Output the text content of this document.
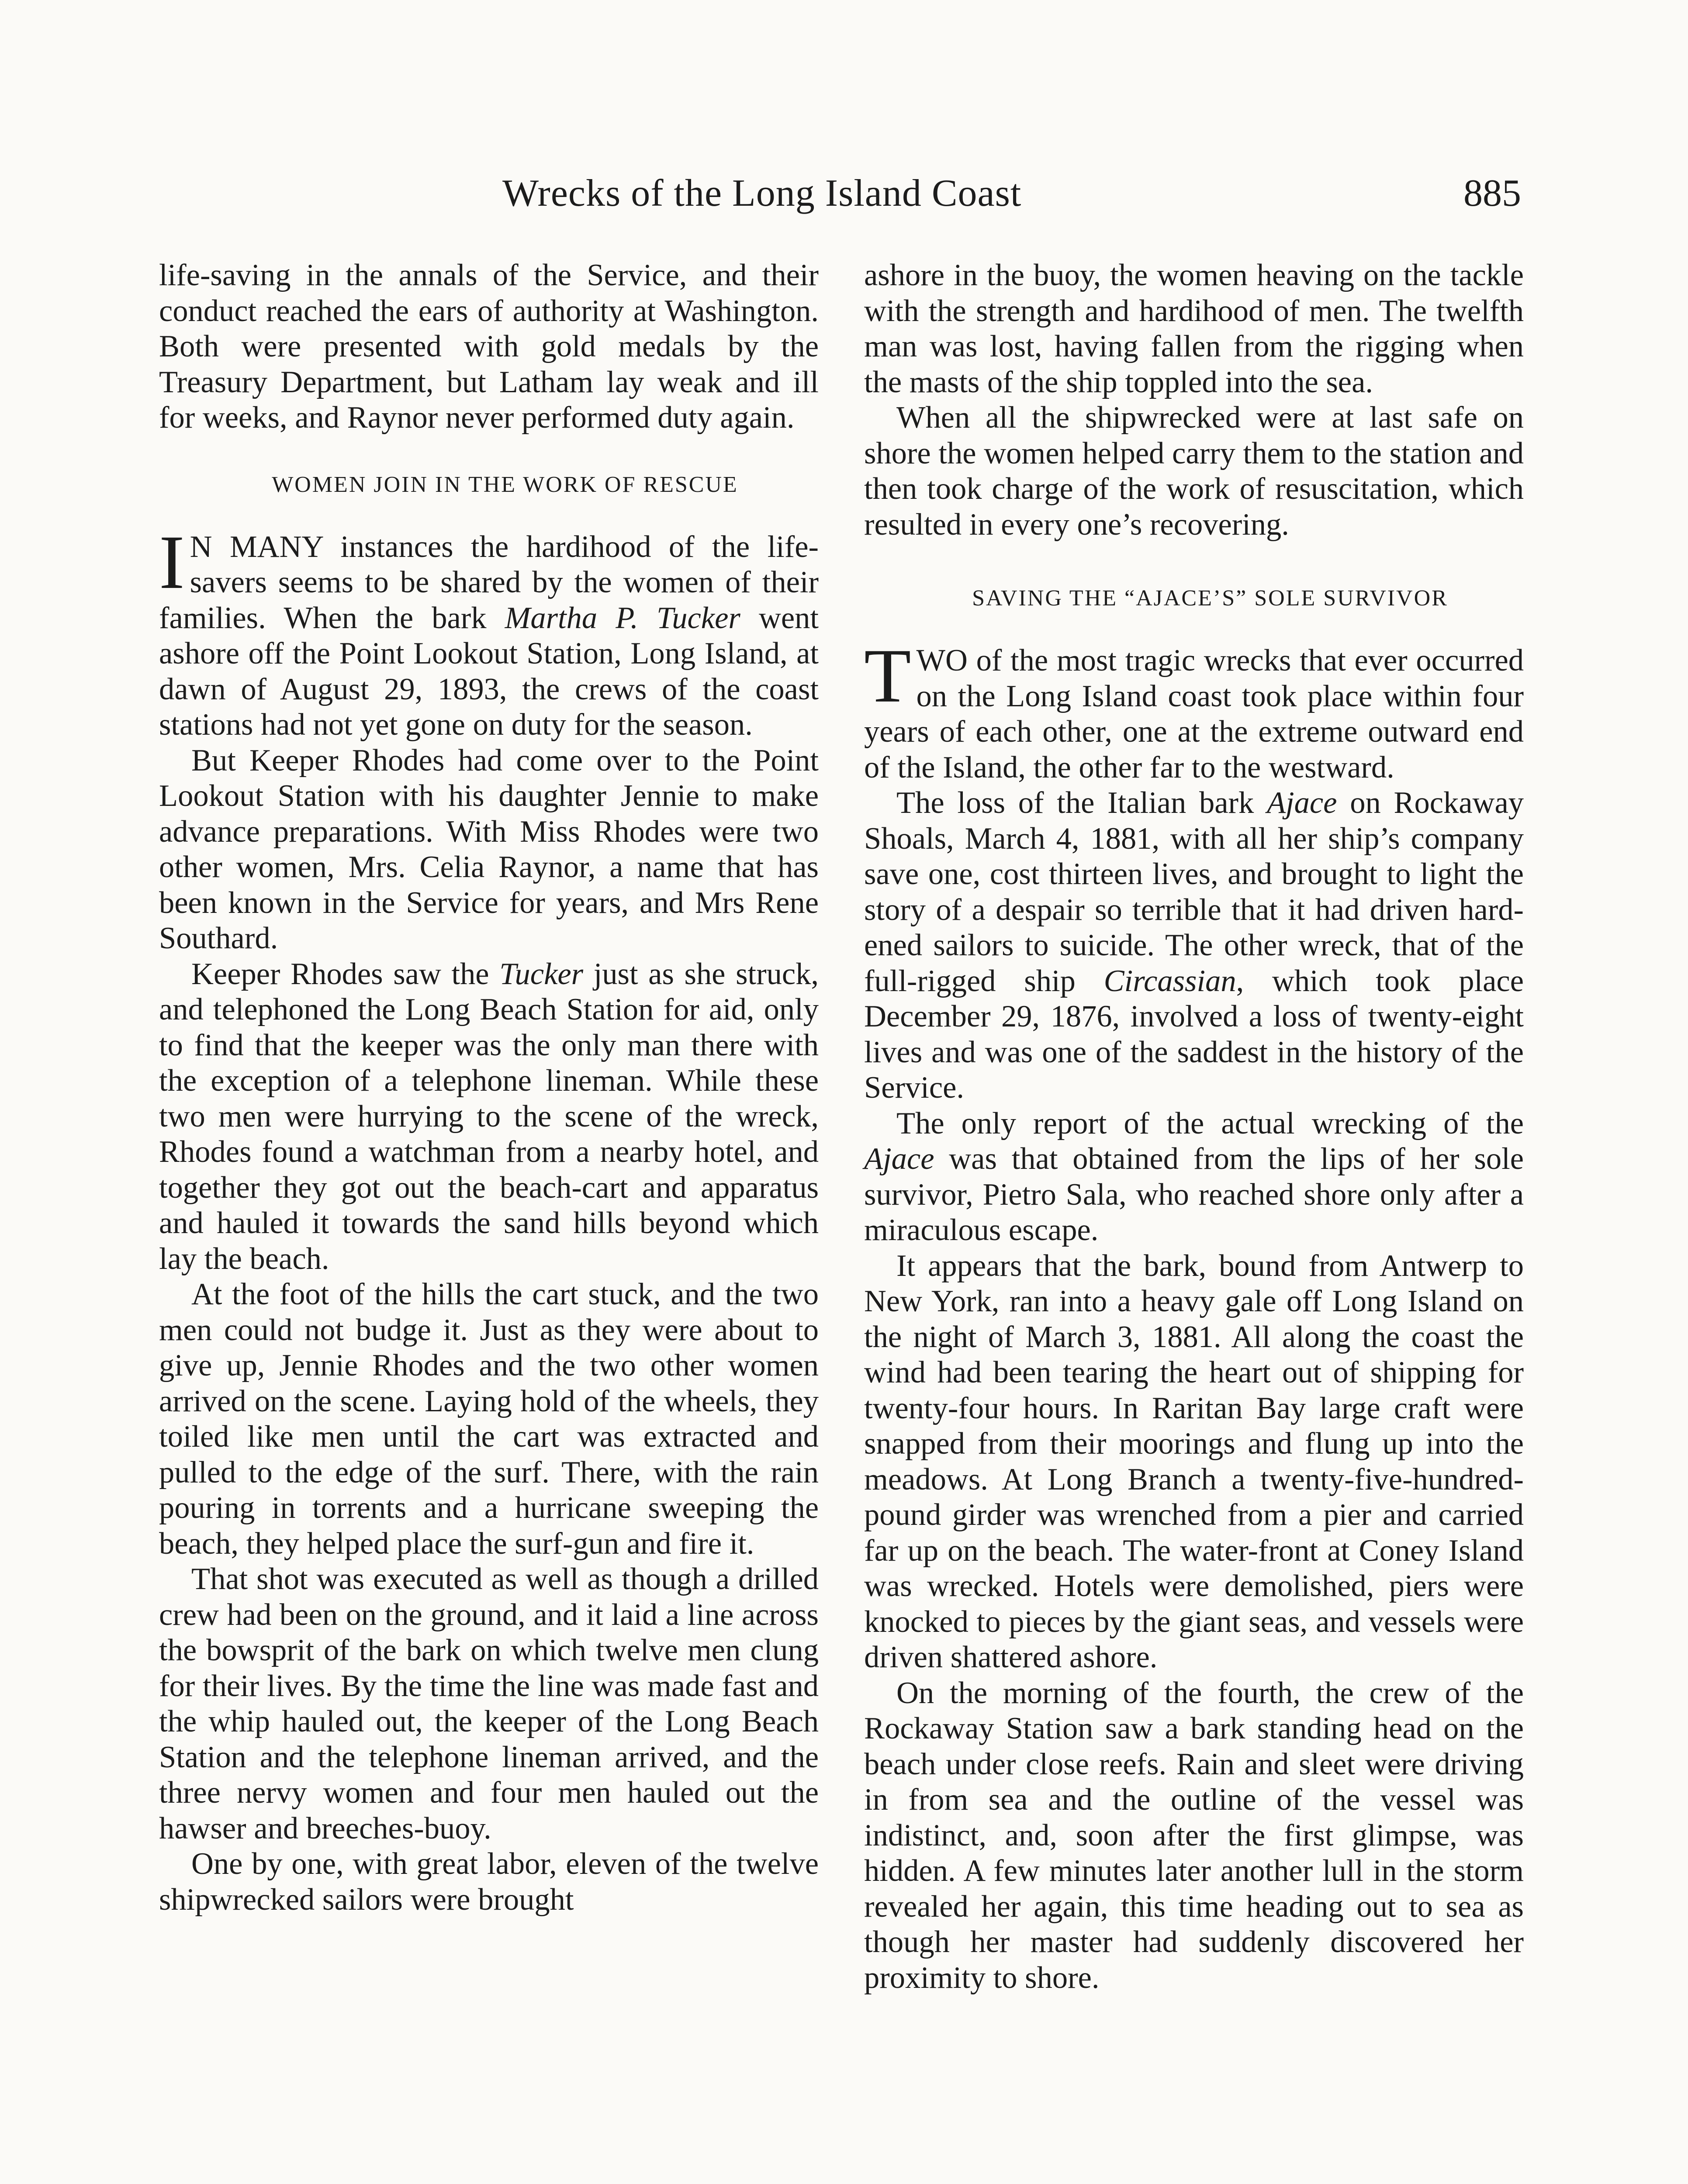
Wrecks of the Long Island Coast	885

life-saving in the annals of the Service, and their conduct reached the ears of authority at Washington. Both were presented with gold medals by the Treasury Department, but Latham lay weak and ill for weeks, and Raynor never performed duty again.

WOMEN JOIN IN THE WORK OF RESCUE

I N MANY instances the hardihood of the life-savers seems to be shared by the women of their families. When the bark Martha P. Tucker went ashore off the Point Lookout Station, Long Island, at dawn of August 29, 1893, the crews of the coast stations had not yet gone on duty for the season.

But Keeper Rhodes had come over to the Point Lookout Station with his daughter Jennie to make advance preparations. With Miss Rhodes were two other women, Mrs. Celia Raynor, a name that has been known in the Service for years, and Mrs Rene Southard.

Keeper Rhodes saw the Tucker just as she struck, and telephoned the Long Beach Station for aid, only to find that the keeper was the only man there with the exception of a telephone lineman. While these two men were hurrying to the scene of the wreck, Rhodes found a watchman from a nearby hotel, and together they got out the beach-cart and apparatus and hauled it towards the sand hills beyond which lay the beach.

At the foot of the hills the cart stuck, and the two men could not budge it. Just as they were about to give up, Jennie Rhodes and the two other women arrived on the scene. Laying hold of the wheels, they toiled like men until the cart was extracted and pulled to the edge of the surf. There, with the rain pouring in torrents and a hurricane sweeping the beach, they helped place the surf-gun and fire it.

That shot was executed as well as though a drilled crew had been on the ground, and it laid a line across the bowsprit of the bark on which twelve men clung for their lives. By the time the line was made fast and the whip hauled out, the keeper of the Long Beach Station and the telephone lineman arrived, and the three nervy women and four men hauled out the hawser and breeches-buoy.

One by one, with great labor, eleven of the twelve shipwrecked sailors were brought

ashore in the buoy, the women heaving on the tackle with the strength and hardihood of men. The twelfth man was lost, having fallen from the rigging when the masts of the ship toppled into the sea.

When all the shipwrecked were at last safe on shore the women helped carry them to the station and then took charge of the work of resuscitation, which resulted in every one’s recovering.

SAVING THE “AJACE’S” SOLE SURVIVOR

TWO of the most tragic wrecks that ever occurred on the Long Island coast took place within four years of each other, one at the extreme outward end of the Island, the other far to the westward.

The loss of the Italian bark Ajace on Rockaway Shoals, March 4, 1881, with all her ship’s company save one, cost thirteen lives, and brought to light the story of a despair so terrible that it had driven hardened sailors to suicide. The other wreck, that of the full-rigged ship Circassian, which took place December 29, 1876, involved a loss of twenty-eight lives and was one of the saddest in the history of the Service.

The only report of the actual wrecking of the Ajace was that obtained from the lips of her sole survivor, Pietro Sala, who reached shore only after a miraculous escape.

It appears that the bark, bound from Antwerp to New York, ran into a heavy gale off Long Island on the night of March 3, 1881. All along the coast the wind had been tearing the heart out of shipping for twenty-four hours. In Raritan Bay large craft were snapped from their moorings and flung up into the meadows. At Long Branch a twenty-five-hundred-pound girder was wrenched from a pier and carried far up on the beach. The water-front at Coney Island was wrecked. Hotels were demolished, piers were knocked to pieces by the giant seas, and vessels were driven shattered ashore.

On the morning of the fourth, the crew of the Rockaway Station saw a bark standing head on the beach under close reefs. Rain and sleet were driving in from sea and the outline of the vessel was indistinct, and, soon after the first glimpse, was hidden. A few minutes later another lull in the storm revealed her again, this time heading out to sea as though her master had suddenly discovered her proximity to shore.
